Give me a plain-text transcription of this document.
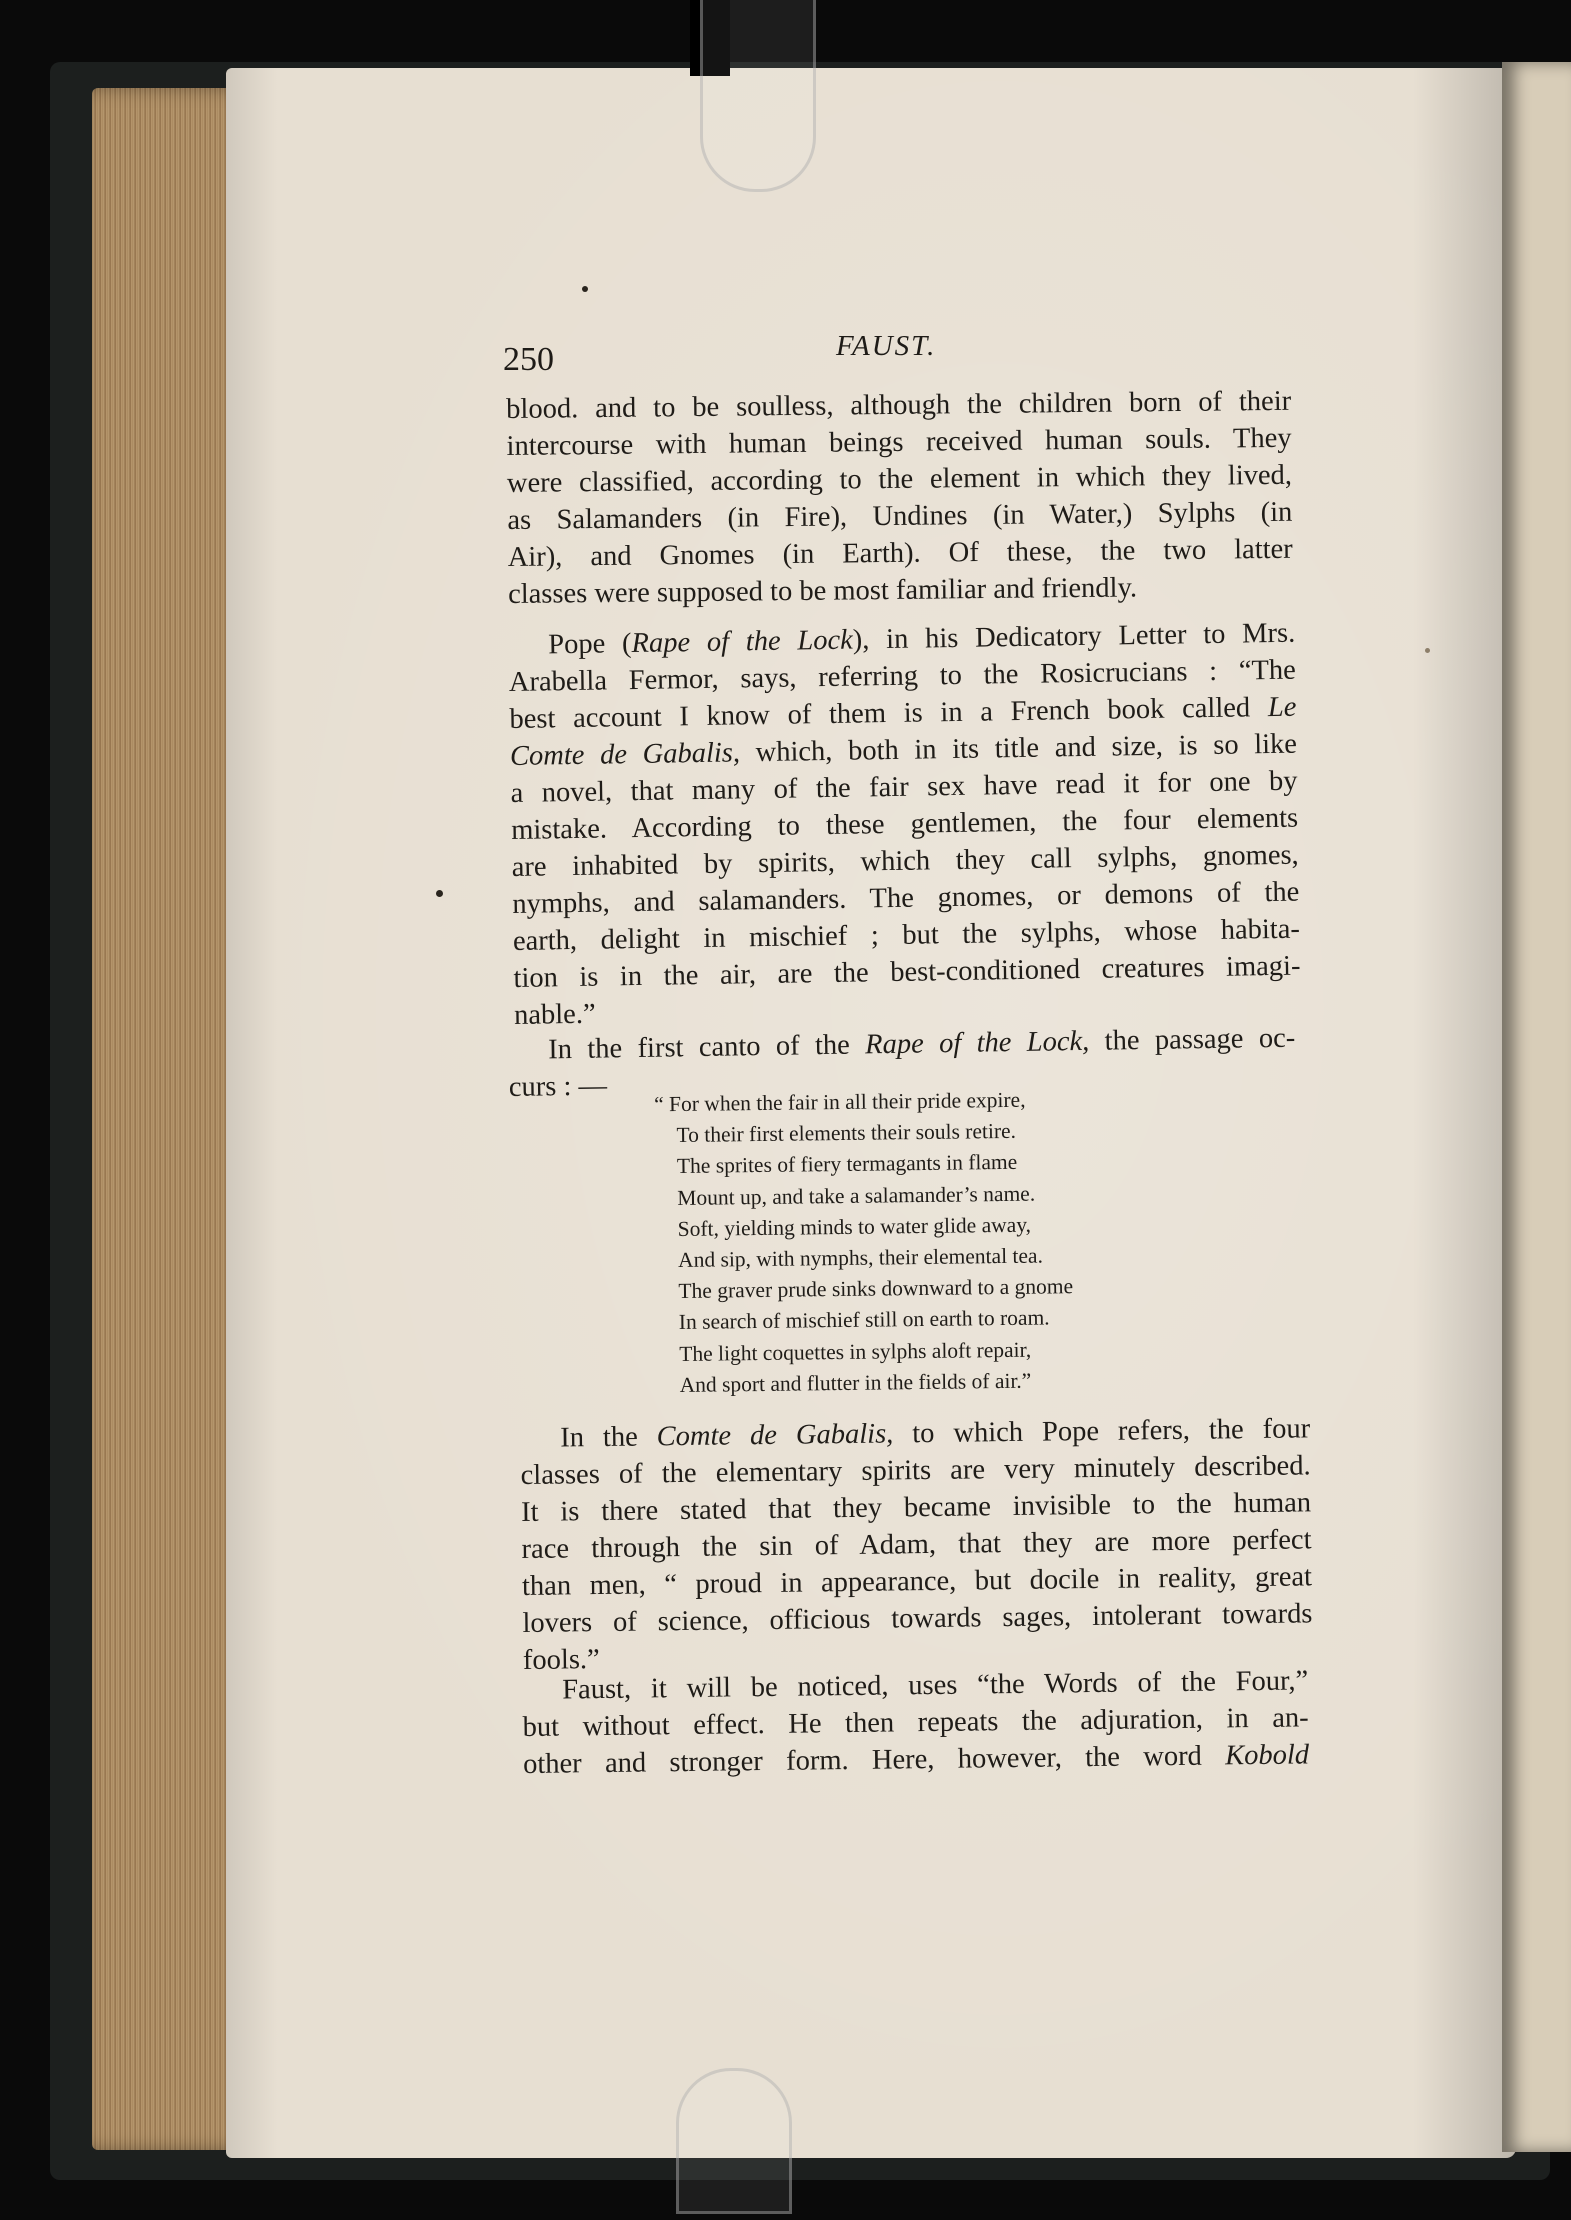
250	FAUST.
blood. and to be soulless, although the children born of their
intercourse with human beings received human souls. They
were classified, according to the element in which they lived,
as Salamanders (in Fire), Undines (in Water,) Sylphs (in
Air), and Gnomes (in Earth). Of these, the two latter
classes were supposed to be most familiar and friendly.
Pope (Rape of the Lock), in his Dedicatory Letter to Mrs.
Arabella Fermor, says, referring to the Rosicrucians : “The
best account I know of them is in a French book called Le
Comte de Gabalis, which, both in its title and size, is so like
a novel, that many of the fair sex have read it for one by
mistake. According to these gentlemen, the four elements
are inhabited by spirits, which they call sylphs, gnomes,
nymphs, and salamanders. The gnomes, or demons of the
earth, delight in mischief ; but the sylphs, whose habita-
tion is in the air, are the best-conditioned creatures imagi-
nable.”
In the first canto of the Rape of the Lock, the passage oc-
curs : —	“ For when the fair in all their pride expire,
To their first elements their souls retire.
The sprites of fiery termagants in flame
Mount up, and take a salamander’s name.
Soft, yielding minds to water glide away,
And sip, with nymphs, their elemental tea.
The graver prude sinks downward to a gnome
In search of mischief still on earth to roam.
The light coquettes in sylphs aloft repair,
And sport and flutter in the fields of air.”
In the Comte de Gabalis, to which Pope refers, the four
classes of the elementary spirits are very minutely described.
It is there stated that they became invisible to the human
race through the sin of Adam, that they are more perfect
than men, “ proud in appearance, but docile in reality, great
lovers of science, officious towards sages, intolerant towards
fools.”
Faust, it will be noticed, uses “the Words of the Four,”
but without effect. He then repeats the adjuration, in an-
other and stronger form. Here, however, the word Kobold
